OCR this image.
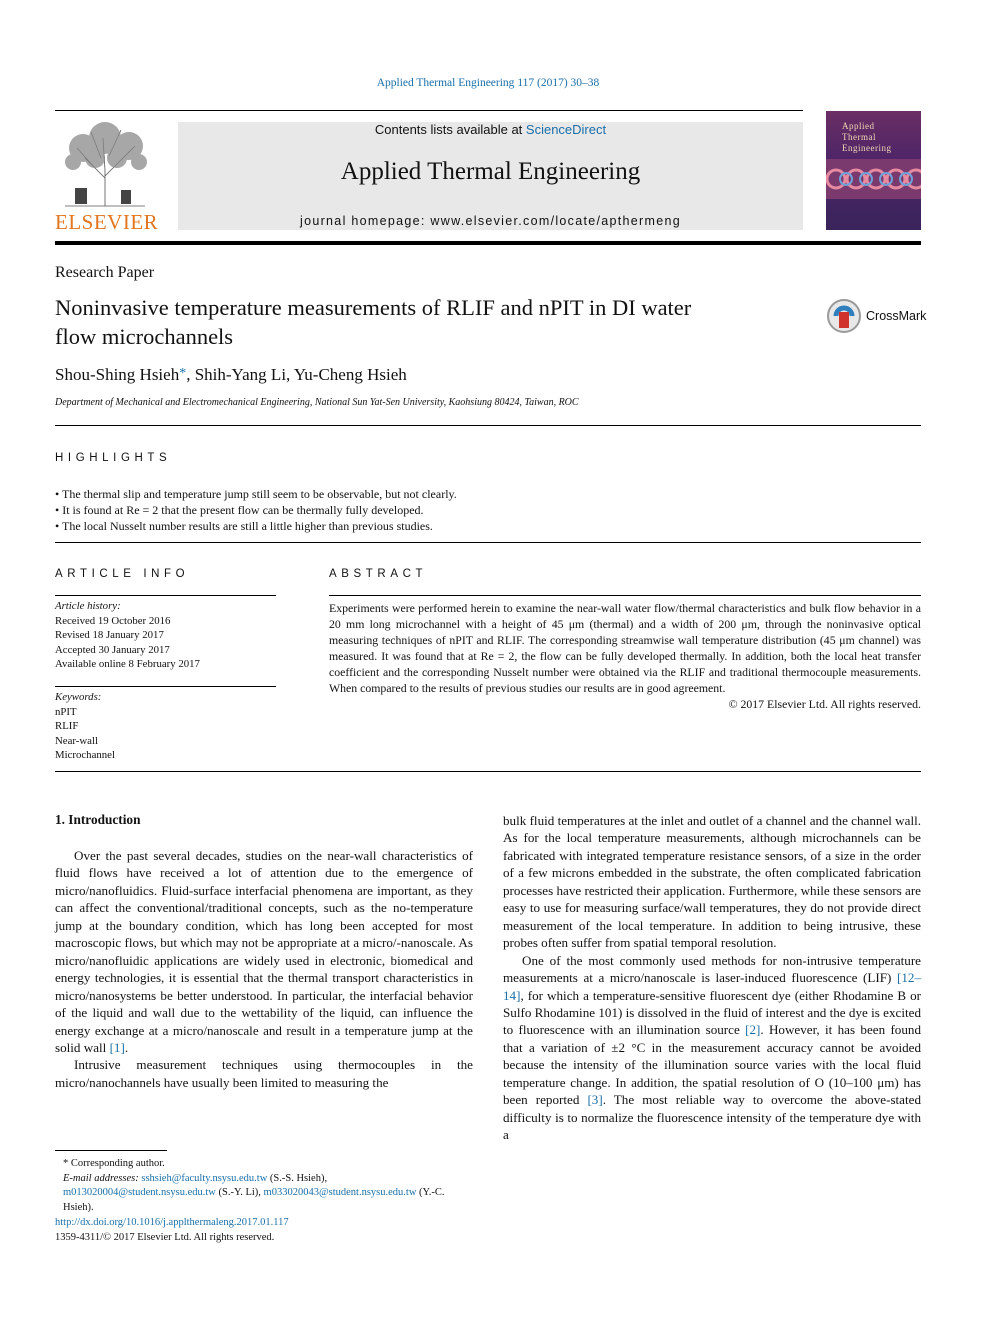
Applied Thermal Engineering 117 (2017) 30–38
ELSEVIER
Contents lists available at ScienceDirect
Applied Thermal Engineering
journal homepage: www.elsevier.com/locate/apthermeng
Applied
Thermal
Engineering
Research Paper
Noninvasive temperature measurements of RLIF and nPIT in DI water
flow microchannels
CrossMark
Shou-Shing Hsieh*, Shih-Yang Li, Yu-Cheng Hsieh
Department of Mechanical and Electromechanical Engineering, National Sun Yat-Sen University, Kaohsiung 80424, Taiwan, ROC
HIGHLIGHTS
• The thermal slip and temperature jump still seem to be observable, but not clearly.
• It is found at Re = 2 that the present flow can be thermally fully developed.
• The local Nusselt number results are still a little higher than previous studies.
ARTICLE INFO
Article history:
Received 19 October 2016
Revised 18 January 2017
Accepted 30 January 2017
Available online 8 February 2017
Keywords:
nPIT
RLIF
Near-wall
Microchannel
ABSTRACT
Experiments were performed herein to examine the near-wall water flow/thermal characteristics and bulk flow behavior in a 20 mm long microchannel with a height of 45 μm (thermal) and a width of 200 μm, through the noninvasive optical measuring techniques of nPIT and RLIF. The corresponding streamwise wall temperature distribution (45 μm channel) was measured. It was found that at Re = 2, the flow can be fully developed thermally. In addition, both the local heat transfer coefficient and the corresponding Nusselt number were obtained via the RLIF and traditional thermocouple measurements. When compared to the results of previous studies our results are in good agreement.
© 2017 Elsevier Ltd. All rights reserved.
1. Introduction

Over the past several decades, studies on the near-wall characteristics of fluid flows have received a lot of attention due to the emergence of micro/nanofluidics. Fluid-surface interfacial phenomena are important, as they can affect the conventional/traditional concepts, such as the no-temperature jump at the boundary condition, which has long been accepted for most macroscopic flows, but which may not be appropriate at a micro/-nanoscale. As micro/nanofluidic applications are widely used in electronic, biomedical and energy technologies, it is essential that the thermal transport characteristics in micro/nanosystems be better understood. In particular, the interfacial behavior of the liquid and wall due to the wettability of the liquid, can influence the energy exchange at a micro/nanoscale and result in a temperature jump at the solid wall [1].

Intrusive measurement techniques using thermocouples in the micro/nanochannels have usually been limited to measuring the

bulk fluid temperatures at the inlet and outlet of a channel and the channel wall. As for the local temperature measurements, although microchannels can be fabricated with integrated temperature resistance sensors, of a size in the order of a few microns embedded in the substrate, the often complicated fabrication processes have restricted their application. Furthermore, while these sensors are easy to use for measuring surface/wall temperatures, they do not provide direct measurement of the local temperature. In addition to being intrusive, these probes often suffer from spatial temporal resolution.

One of the most commonly used methods for non-intrusive temperature measurements at a micro/nanoscale is laser-induced fluorescence (LIF) [12–14], for which a temperature-sensitive fluorescent dye (either Rhodamine B or Sulfo Rhodamine 101) is dissolved in the fluid of interest and the dye is excited to fluorescence with an illumination source [2]. However, it has been found that a variation of ±2 °C in the measurement accuracy cannot be avoided because the intensity of the illumination source varies with the local fluid temperature change. In addition, the spatial resolution of O (10–100 μm) has been reported [3]. The most reliable way to overcome the above-stated difficulty is to normalize the fluorescence intensity of the temperature dye with a

* Corresponding author.
E-mail addresses: sshsieh@faculty.nsysu.edu.tw (S.-S. Hsieh), m013020004@student.nsysu.edu.tw (S.-Y. Li), m033020043@student.nsysu.edu.tw (Y.-C. Hsieh).
http://dx.doi.org/10.1016/j.applthermaleng.2017.01.117
1359-4311/© 2017 Elsevier Ltd. All rights reserved.
